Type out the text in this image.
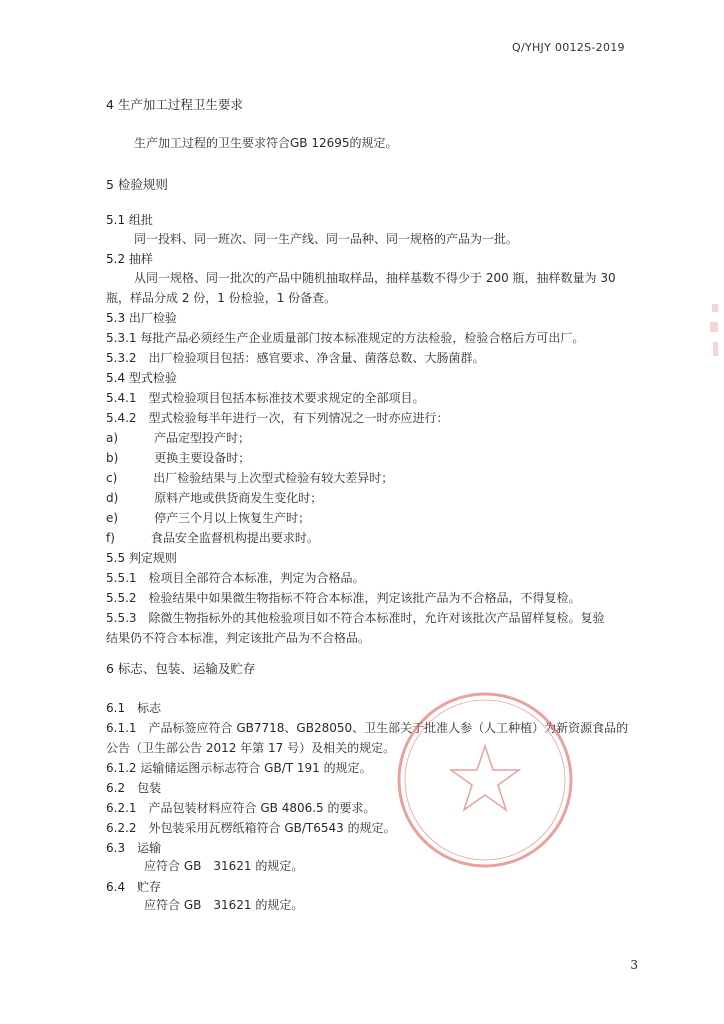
Q/YHJY 0012S-2019
4 生产加工过程卫生要求
生产加工过程的卫生要求符合GB 12695的规定。
5 检验规则
5.1 组批
同一投料、同一班次、同一生产线、同一品种、同一规格的产品为一批。
5.2 抽样
从同一规格、同一批次的产品中随机抽取样品，抽样基数不得少于 200 瓶，抽样数量为 30
瓶，样品分成 2 份，1 份检验，1 份备查。
5.3 出厂检验
5.3.1 每批产品必须经生产企业质量部门按本标准规定的方法检验，检验合格后方可出厂。
5.3.2　出厂检验项目包括：感官要求、净含量、菌落总数、大肠菌群。
5.4 型式检验
5.4.1　型式检验项目包括本标准技术要求规定的全部项目。
5.4.2　型式检验每半年进行一次，有下列情况之一时亦应进行：
a)　　　产品定型投产时；
b)　　　更换主要设备时；
c)　　　出厂检验结果与上次型式检验有较大差异时；
d)　　　原料产地或供货商发生变化时；
e)　　　停产三个月以上恢复生产时；
f)　　　食品安全监督机构提出要求时。
5.5 判定规则
5.5.1　检项目全部符合本标准，判定为合格品。
5.5.2　检验结果中如果微生物指标不符合本标准，判定该批产品为不合格品，不得复检。
5.5.3　除微生物指标外的其他检验项目如不符合本标准时，允许对该批次产品留样复检。复验
结果仍不符合本标准，判定该批产品为不合格品。
6 标志、包装、运输及贮存
6.1　标志
6.1.1　产品标签应符合 GB7718、GB28050、卫生部关于批准人参（人工种植）为新资源食品的
公告（卫生部公告 2012 年第 17 号）及相关的规定。
6.1.2 运输储运图示标志符合 GB/T 191 的规定。
6.2　包装
6.2.1　产品包装材料应符合 GB 4806.5 的要求。
6.2.2　外包装采用瓦楞纸箱符合 GB/T6543 的规定。
6.3　运输
应符合 GB　31621 的规定。
6.4　贮存
应符合 GB　31621 的规定。
3
